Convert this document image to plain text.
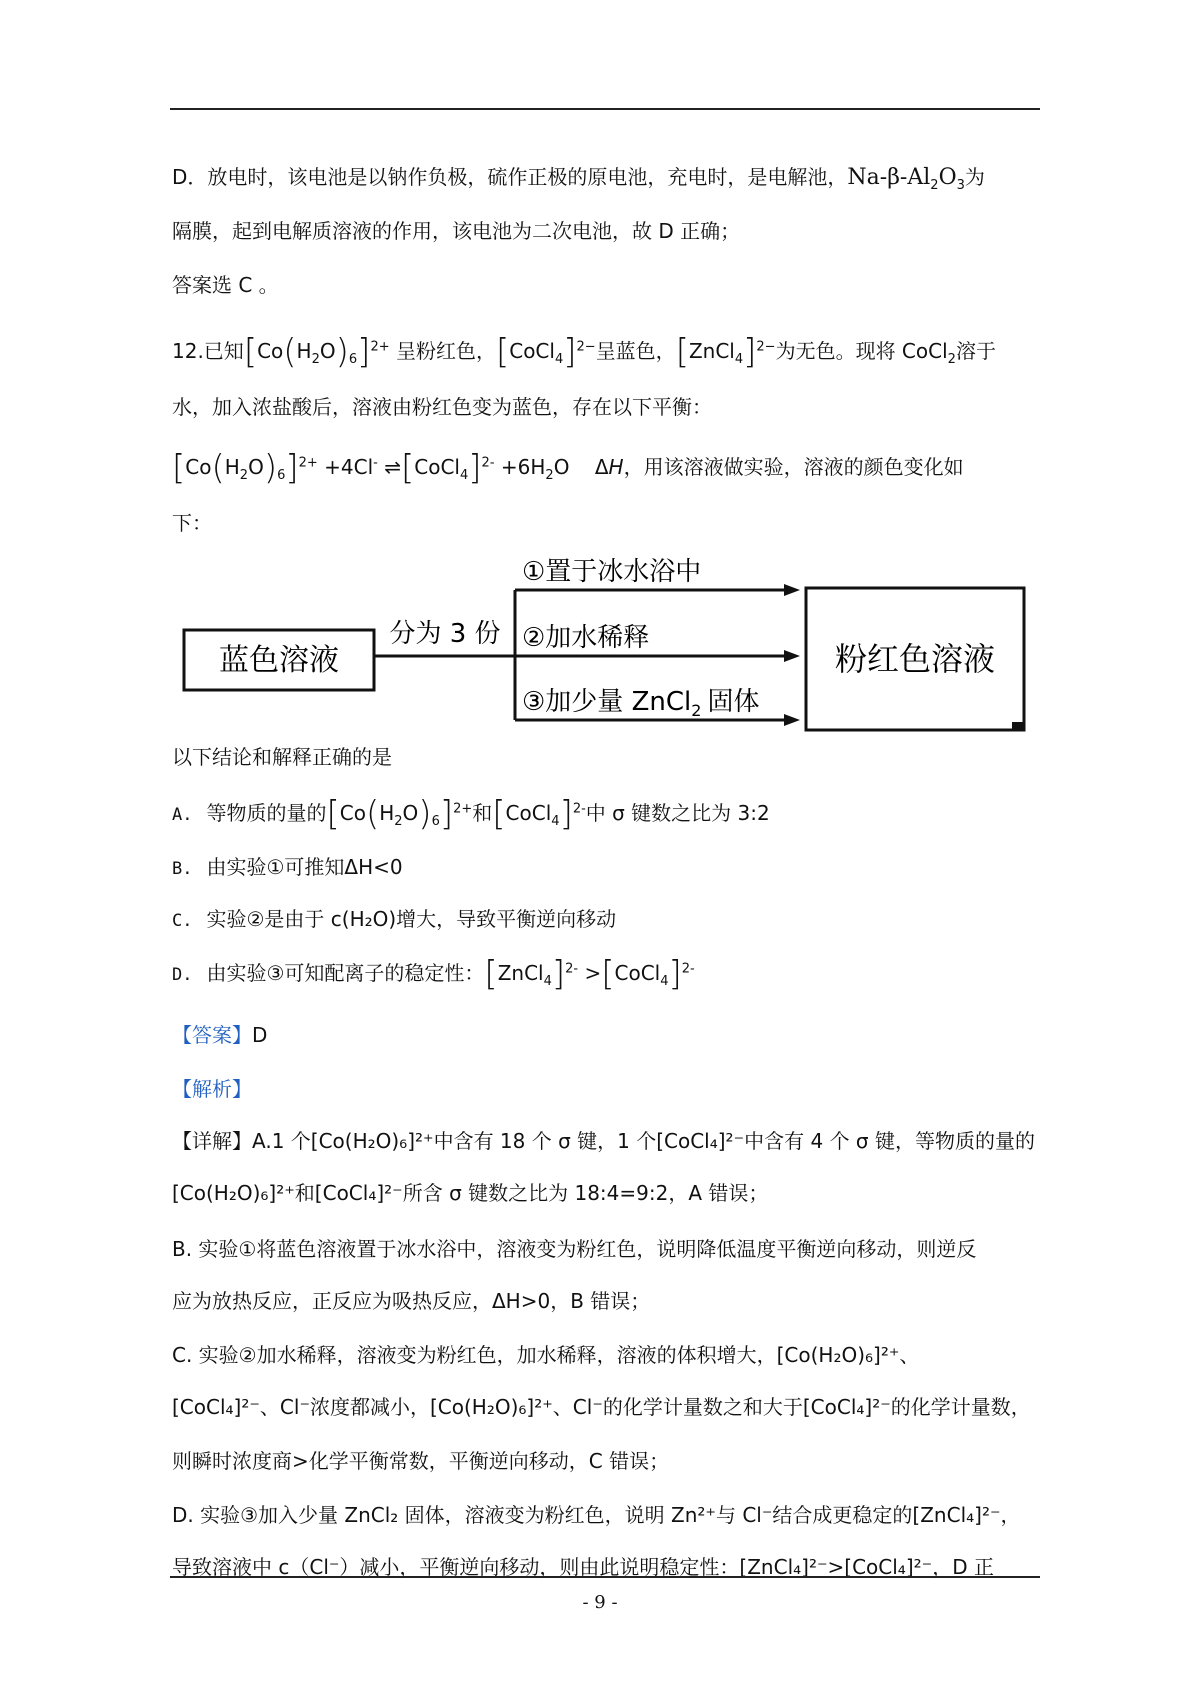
D．放电时，该电池是以钠作负极，硫作正极的原电池，充电时，是电解池，$Na-\beta-Al_2O_3$为
隔膜，起到电解质溶液的作用，该电池为二次电池，故 D 正确；
答案选 C 。
12.已知$[Co(H_2O)_6]^{2+}$ 呈粉红色，[CoCl$_4$]$^{2-}$呈蓝色，[ZnCl$_4$]$^{2-}$为无色。现将 CoCl$_2$溶于
水，加入浓盐酸后，溶液由粉红色变为蓝色，存在以下平衡：
$[Co(H_2O)_6]^{2+} +4Cl^-$ ⇌[CoCl$_4$]$^{2-}$ $+6H_2O$    ΔH，用该溶液做实验，溶液的颜色变化如
下：
蓝色溶液
分为 3 份
①置于冰水浴中
②加水稀释
③加少量 ZnCl$_2$ 固体
粉红色溶液
以下结论和解释正确的是
A. 等物质的量的$[Co(H_2O)_6]^{2+}$和[CoCl$_4$]$^{2-}$中 σ 键数之比为 3:2
B. 由实验①可推知ΔH<0
C. 实验②是由于 c(H₂O)增大，导致平衡逆向移动
D. 由实验③可知配离子的稳定性：[ZnCl$_4$]$^{2-}$ >[CoCl$_4$]$^{2-}$
【答案】D
【解析】
【详解】A.1 个[Co(H₂O)₆]²⁺中含有 18 个 σ 键，1 个[CoCl₄]²⁻中含有 4 个 σ 键，等物质的量的
[Co(H₂O)₆]²⁺和[CoCl₄]²⁻所含 σ 键数之比为 18:4=9:2，A 错误；
B. 实验①将蓝色溶液置于冰水浴中，溶液变为粉红色，说明降低温度平衡逆向移动，则逆反
应为放热反应，正反应为吸热反应，ΔH>0，B 错误；
C. 实验②加水稀释，溶液变为粉红色，加水稀释，溶液的体积增大，[Co(H₂O)₆]²⁺、
[CoCl₄]²⁻、Cl⁻浓度都减小，[Co(H₂O)₆]²⁺、Cl⁻的化学计量数之和大于[CoCl₄]²⁻的化学计量数，
则瞬时浓度商>化学平衡常数，平衡逆向移动，C 错误；
D. 实验③加入少量 ZnCl₂ 固体，溶液变为粉红色，说明 Zn²⁺与 Cl⁻结合成更稳定的[ZnCl₄]²⁻，
导致溶液中 c（Cl⁻）减小，平衡逆向移动，则由此说明稳定性：[ZnCl₄]²⁻>[CoCl₄]²⁻，D 正
- 9 -
